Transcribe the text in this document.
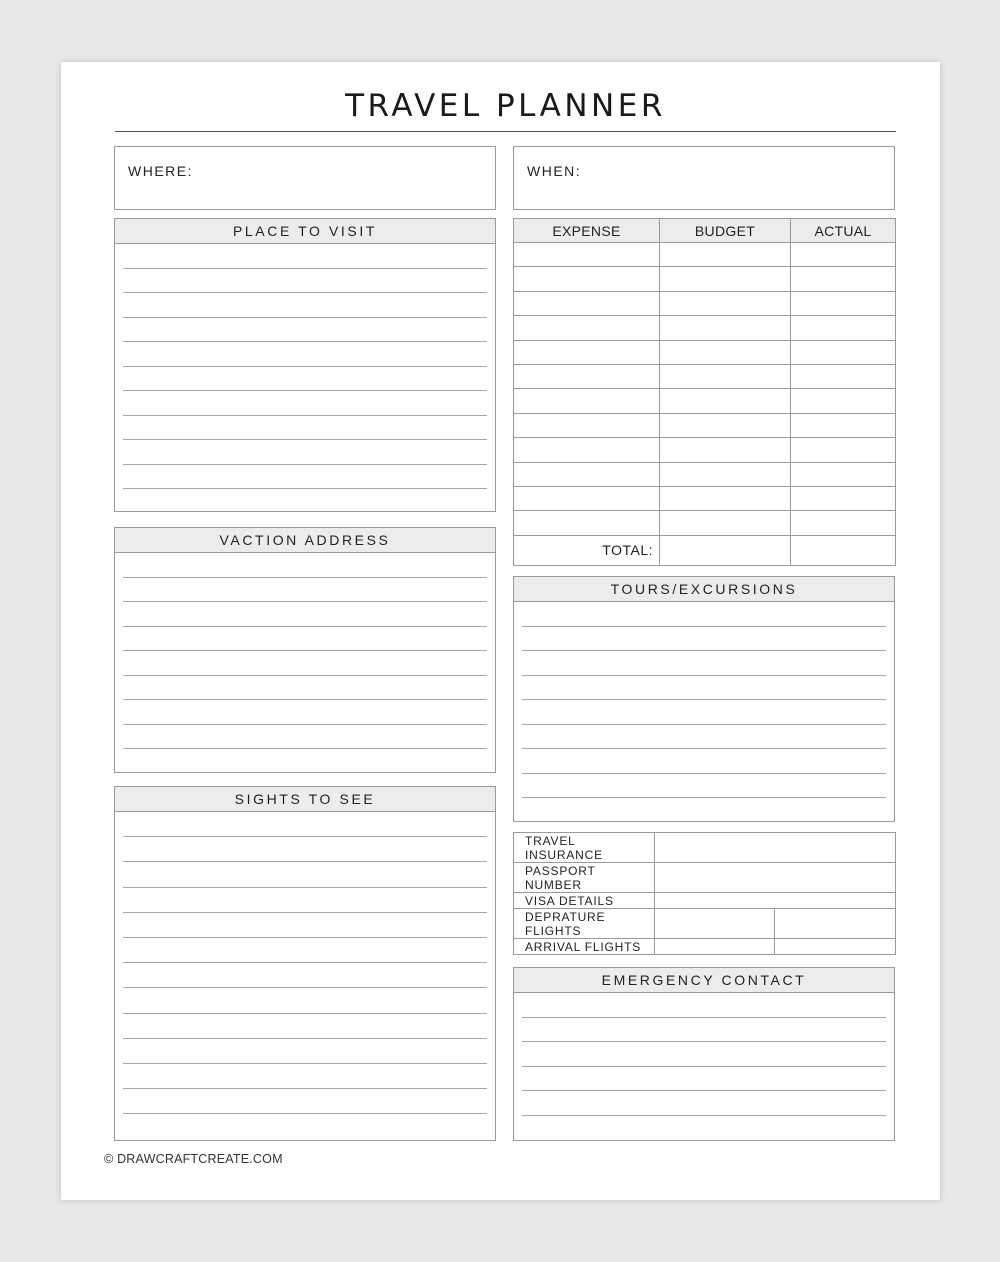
TRAVEL PLANNER
WHERE:	WHEN:
PLACE TO VISIT
VACTION ADDRESS
SIGHTS TO SEE
EXPENSE	BUDGET	ACTUAL

TOTAL:		
TOURS/EXCURSIONS
TRAVEL INSURANCE		
PASSPORT NUMBER		
VISA DETAILS		
DEPRATURE FLIGHTS		
ARRIVAL FLIGHTS		
EMERGENCY CONTACT
© DRAWCRAFTCREATE.COM
